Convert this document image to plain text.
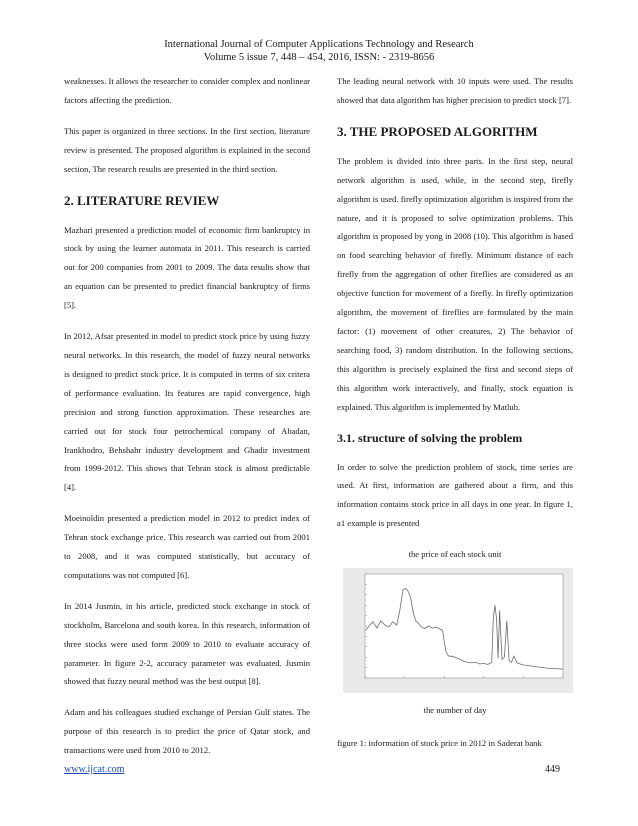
International Journal of Computer Applications Technology and Research
Volume 5 issue 7, 448 – 454, 2016, ISSN: - 2319-8656

weaknesses. It allows the researcher to consider complex and nonlinear factors affecting the prediction.

This paper is organized in three sections. In the first section, literature review is presented. The proposed algorithm is explained in the second section, The research results are presented in the third section.

2. LITERATURE REVIEW

Mazhari presented a prediction model of economic firm bankruptcy in stock by using the learner automata in 2011. This research is carried out for 200 companies from 2001 to 2009. The data results show that an equation can be presented to predict financial bankruptcy of firms [5].

In 2012, Afsar presented in model to predict stock price by using fuzzy neural networks. In this research, the model of fuzzy neural networks is designed to predict stock price. It is computed in terms of six critera of performance evaluation. Its features are rapid convergence, high precision and strong function approximation. These researches are carried out for stock four petrochemical company of Abadan, Irankhodro, Behshahr industry development and Ghadir investment from 1999-2012. This shows that Tehran stock is almost predictable [4].

Moeinoldin presented a prediction model in 2012 to predict index of Tehran stock exchange price. This research was carried out from 2001 to 2008, and it was computed statistically, but accuracy of computations was not computed [6].

In 2014 Jusmin, in his article, predicted stock exchange in stock of stockholm, Barcelona and south korea. In this research, information of three stocks were used form 2009 to 2010 to evaluate accuracy of parameter. In figure 2-2, accuracy parameter was evaluated. Jusmin showed that fuzzy neural method was the best output [8].

Adam and his colleagues studied exchange of Persian Gulf states. The purpose of this research is to predict the price of Qatar stock, and transactions were used from 2010 to 2012.

The leading neural network with 10 inputs were used. The results showed that data algorithm has higher precision to predict stock [7].

3. THE PROPOSED ALGORITHM

The problem is divided into three parts. In the first step, neural network algorithm is used, while, in the second step, firefly algorithm is used. firefly optimization algorithm is inspired from the nature, and it is proposed to solve optimization problems. This algorithm is proposed by yong in 2008 (10). This algorithm is based on food searching behavior of firefly. Minimum distance of each firefly from the aggregation of other fireflies are considered as an objective function for movement of a firefly. In firefly optimization algorithm, the movement of fireflies are formulated by the main factor: (1) movement of other creatures, 2) The behavior of searching food, 3) random distribution. In the following sections, this algorithm is precisely explained the first and second steps of this algorithm work interactively, and finally, stock equation is explained. This algorithm is implemented by Matlub.

3.1. structure of solving the problem

In order to solve the prediction problem of stock, time series are used. At first, information are gathered about a firm, and this information contains stock price in all days in one year. In figure 1, a1 example is presented

the price of each stock unit
the number of day

figure 1: information of stock price in 2012 in Saderat bank

www.ijcat.com	449
